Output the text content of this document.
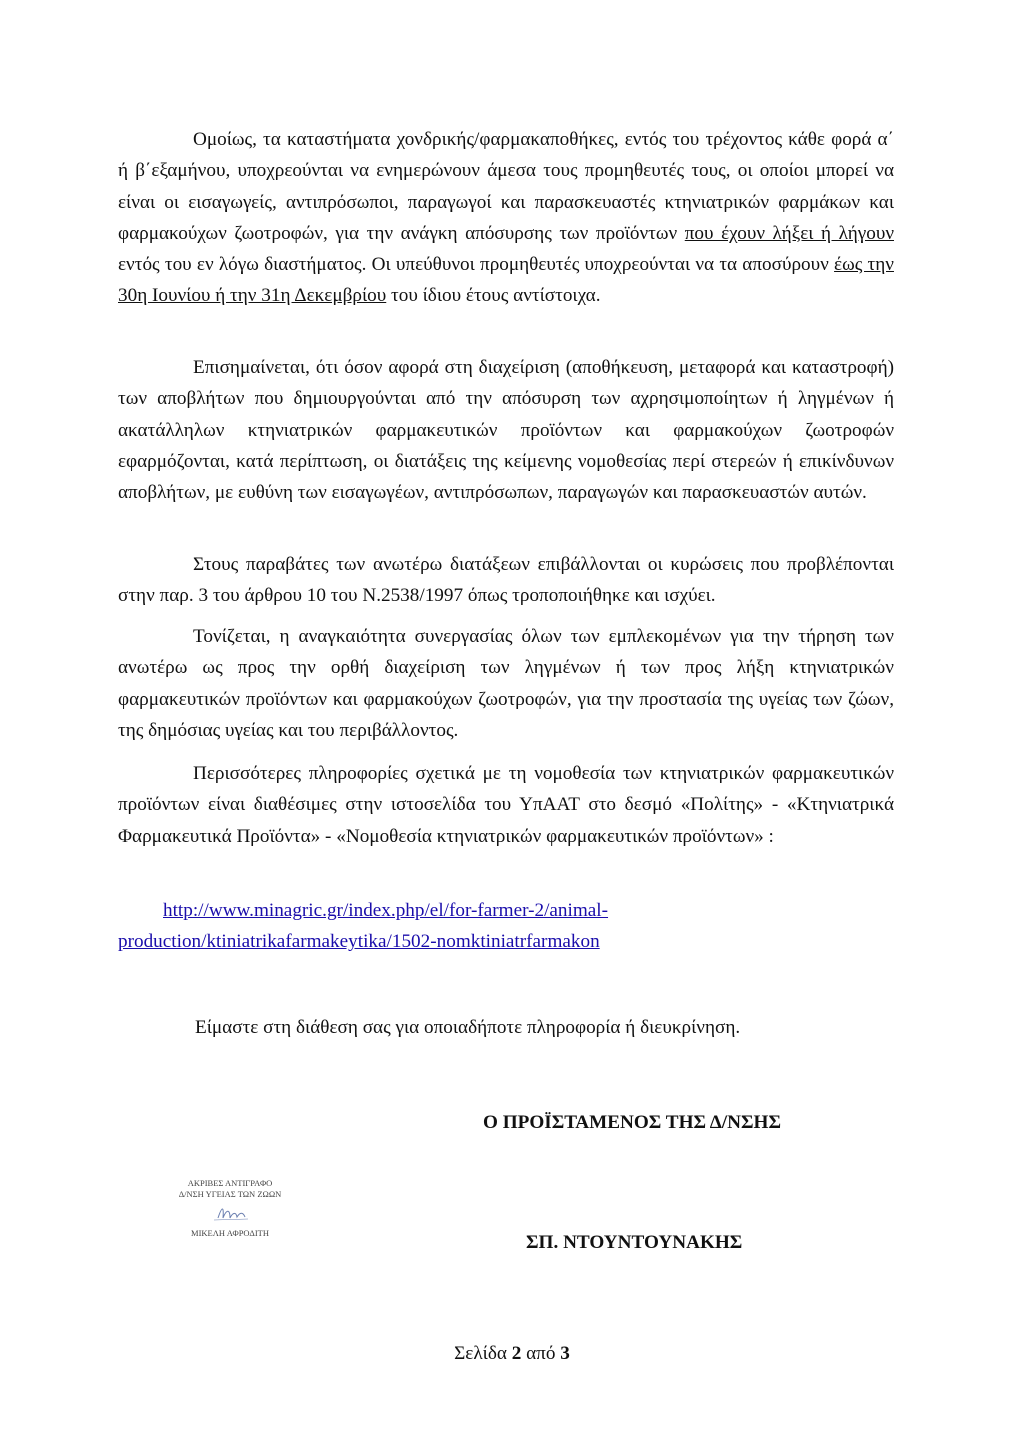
Ομοίως, τα καταστήματα χονδρικής/φαρμακαποθήκες, εντός του τρέχοντος κάθε φορά α΄ ή β΄εξαμήνου, υποχρεούνται να ενημερώνουν άμεσα τους προμηθευτές τους, οι οποίοι μπορεί να είναι οι εισαγωγείς, αντιπρόσωποι, παραγωγοί και παρασκευαστές κτηνιατρικών φαρμάκων και φαρμακούχων ζωοτροφών, για την ανάγκη απόσυρσης των προϊόντων που έχουν λήξει ή λήγουν εντός του εν λόγω διαστήματος. Οι υπεύθυνοι προμηθευτές υποχρεούνται να τα αποσύρουν έως την 30η Ιουνίου ή την 31η Δεκεμβρίου του ίδιου έτους αντίστοιχα.

Επισημαίνεται, ότι όσον αφορά στη διαχείριση (αποθήκευση, μεταφορά και καταστροφή) των αποβλήτων που δημιουργούνται από την απόσυρση των αχρησιμοποίητων ή ληγμένων ή ακατάλληλων κτηνιατρικών φαρμακευτικών προϊόντων και φαρμακούχων ζωοτροφών εφαρμόζονται, κατά περίπτωση, οι διατάξεις της κείμενης νομοθεσίας περί στερεών ή επικίνδυνων αποβλήτων, με ευθύνη των εισαγωγέων, αντιπρόσωπων, παραγωγών και παρασκευαστών αυτών.

Στους παραβάτες των ανωτέρω διατάξεων επιβάλλονται οι κυρώσεις που προβλέπονται στην παρ. 3 του άρθρου 10 του Ν.2538/1997 όπως τροποποιήθηκε και ισχύει.

Τονίζεται, η αναγκαιότητα συνεργασίας όλων των εμπλεκομένων για την τήρηση των ανωτέρω ως προς την ορθή διαχείριση των ληγμένων ή των προς λήξη κτηνιατρικών φαρμακευτικών προϊόντων και φαρμακούχων ζωοτροφών, για την προστασία της υγείας των ζώων, της δημόσιας υγείας και του περιβάλλοντος.

Περισσότερες πληροφορίες σχετικά με τη νομοθεσία των κτηνιατρικών φαρμακευτικών προϊόντων είναι διαθέσιμες στην ιστοσελίδα του ΥπΑΑΤ στο δεσμό «Πολίτης» - «Κτηνιατρικά Φαρμακευτικά Προϊόντα» - «Νομοθεσία κτηνιατρικών φαρμακευτικών προϊόντων» :

http://www.minagric.gr/index.php/el/for-farmer-2/animal-
production/ktiniatrikafarmakeytika/1502-nomktiniatrfarmakon

Είμαστε στη διάθεση σας για οποιαδήποτε πληροφορία ή διευκρίνηση.

Ο ΠΡΟΪΣΤΑΜΕΝΟΣ ΤΗΣ Δ/ΝΣΗΣ

ΑΚΡΙΒΕΣ ΑΝΤΙΓΡΑΦΟ
Δ/ΝΣΗ ΥΓΕΙΑΣ ΤΩΝ ΖΩΩΝ
ΜΙΚΕΛΗ ΑΦΡΟΔΙΤΗ	ΣΠ. ΝΤΟΥΝΤΟΥΝΑΚΗΣ

Σελίδα 2 από 3
